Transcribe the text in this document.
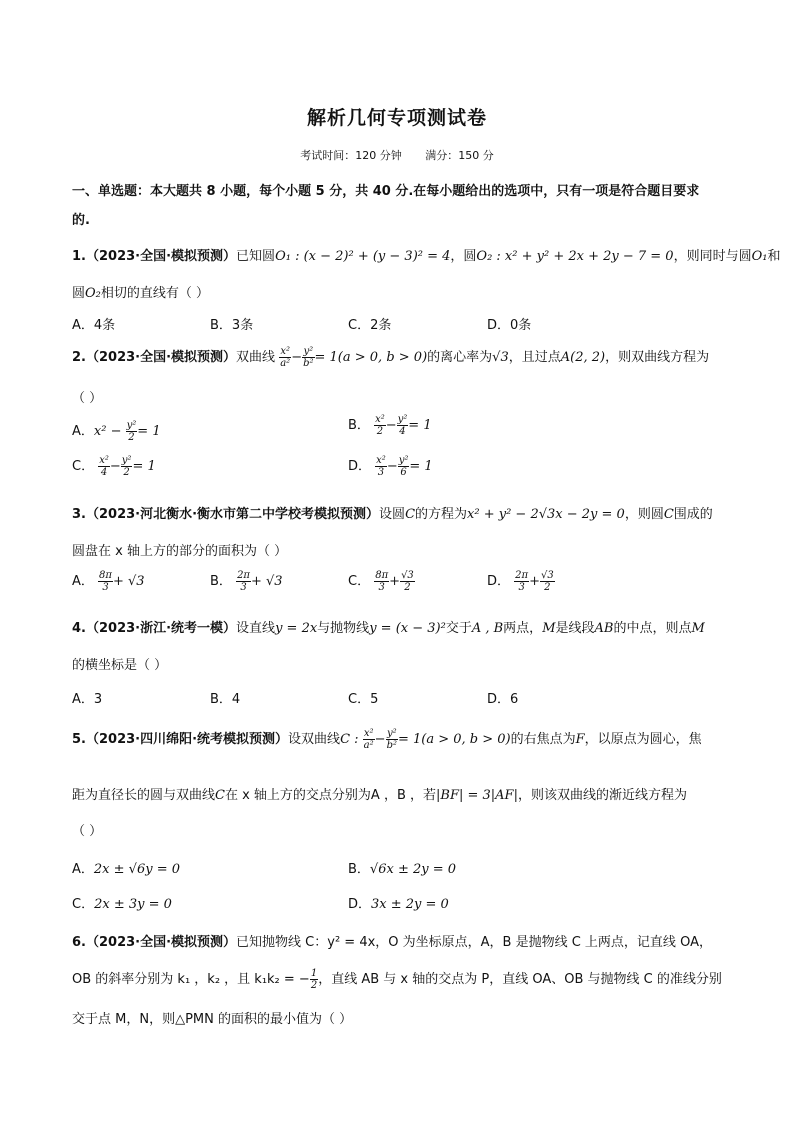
解析几何专项测试卷
考试时间：120 分钟 满分：150 分
一、单选题：本大题共 8 小题，每个小题 5 分，共 40 分.在每小题给出的选项中，只有一项是符合题目要求
的.
1.（2023·全国·模拟预测）已知圆O₁ : (x − 2)² + (y − 3)² = 4，圆O₂ : x² + y² + 2x + 2y − 7 = 0，则同时与圆O₁和
圆O₂相切的直线有（ ）
A．4条	B．3条	C．2条	D．0条
2.（2023·全国·模拟预测）双曲线 $\frac{\text{x²}}{\text{a²}} - \frac{\text{y²}}{\text{b²}} = 1(a > 0$, b > 0)的离心率为√3，且过点A(2, 2)，则双曲线方程为
（ ）
A．$x^2 - \frac{\text{y²}}{2} = 1$	B． $\frac{\text{x²}}{2} - \frac{\text{y²}}{4} = 1$
C． $\frac{\text{x²}}{4} - \frac{\text{y²}}{2} = 1$	D． $\frac{\text{x²}}{3} - \frac{\text{y²}}{6} = 1$
3.（2023·河北衡水·衡水市第二中学校考模拟预测）设圆C的方程为x² + y² − 2√3x − 2y = 0，则圆C围成的
圆盘在 x 轴上方的部分的面积为（ ）
A． $\frac{8\pi}{3} + √3$	B． $\frac{2\pi}{3} + √3$	C． $\frac{8\pi}{3} + \frac{√3}{2}$	D． $\frac{2\pi}{3} + \frac{√3}{2}$
4.（2023·浙江·统考一模）设直线y = 2x与抛物线y = (x − 3)²交于A , B两点，M是线段AB的中点，则点M
的横坐标是（ ）
A．3	B．4	C．5	D．6
5.（2023·四川绵阳·统考模拟预测）设双曲线C : $\frac{\text{x²}}{\text{a²}} - \frac{\text{y²}}{\text{b²}} = 1(a > 0$, b > 0)的右焦点为F，以原点为圆心，焦
距为直径长的圆与双曲线C在 x 轴上方的交点分别为A ，B ，若|BF| = 3|AF|，则该双曲线的渐近线方程为
（ ）
A．2x ± √6y = 0	B．√6x ± 2y = 0
C．2x ± 3y = 0	D．3x ± 2y = 0
6.（2023·全国·模拟预测）已知抛物线 C：y² = 4x，O 为坐标原点，A，B 是抛物线 C 上两点，记直线 OA，
OB 的斜率分别为 k₁ ，k₂ ，且 k₁k₂ = − $\frac{1}{2}$ ，直线 AB 与 x 轴的交点为 P，直线 OA、OB 与抛物线 C 的准线分别
交于点 M，N，则△PMN 的面积的最小值为（ ）
